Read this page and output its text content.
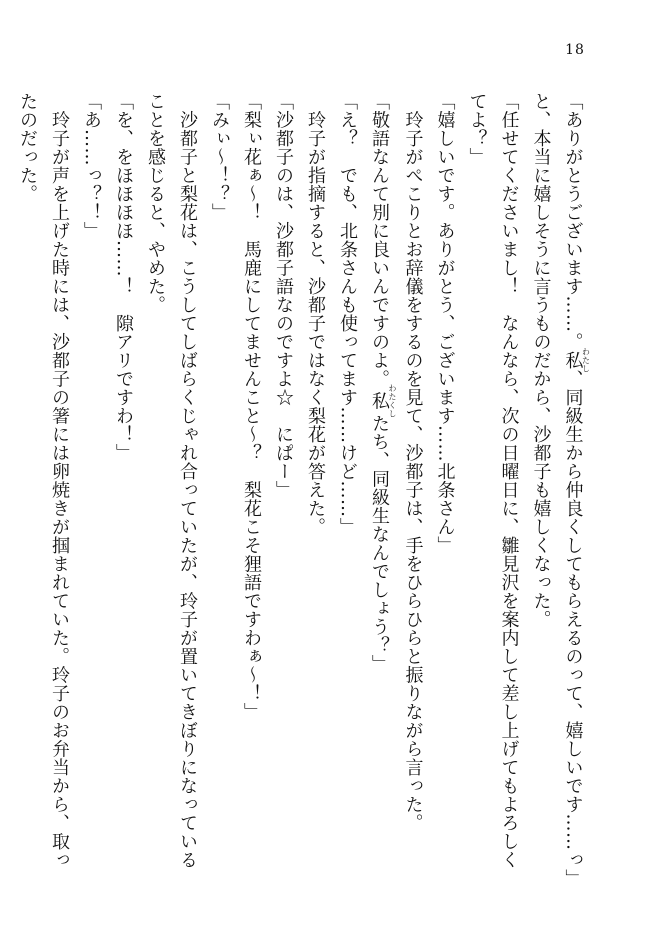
18
「ありがとうございます……。私わたし、同級生から仲良くしてもらえるのって、嬉しいです……っ」
と、本当に嬉しそうに言うものだから、沙都子も嬉しくなった。
「任せてくださいまし！　なんなら、次の日曜日に、雛見沢を案内して差し上げてもよろしく
てよ？」
「嬉しいです。ありがとう、ございます……北条さん」
　玲子がぺこりとお辞儀をするのを見て、沙都子は、手をひらひらと振りながら言った。
「敬語なんて別に良いんですのよ。私わたくしたち、同級生なんでしょう？」
「え？　でも、北条さんも使ってます……けど……」
　玲子が指摘すると、沙都子ではなく梨花が答えた。
「沙都子のは、沙都子語なのですよ☆　にぱー」
「梨ぃ花ぁ～！　馬鹿にしてませんこと～？　梨花こそ狸語ですわぁ～！」
「みぃ～！？」
　沙都子と梨花は、こうしてしばらくじゃれ合っていたが、玲子が置いてきぼりになっている
ことを感じると、やめた。
「を、をほほほほ……！　隙アリですわ！」
「あ……っ？！」
　玲子が声を上げた時には、沙都子の箸には卵焼きが掴まれていた。玲子のお弁当から、取っ
たのだった。
